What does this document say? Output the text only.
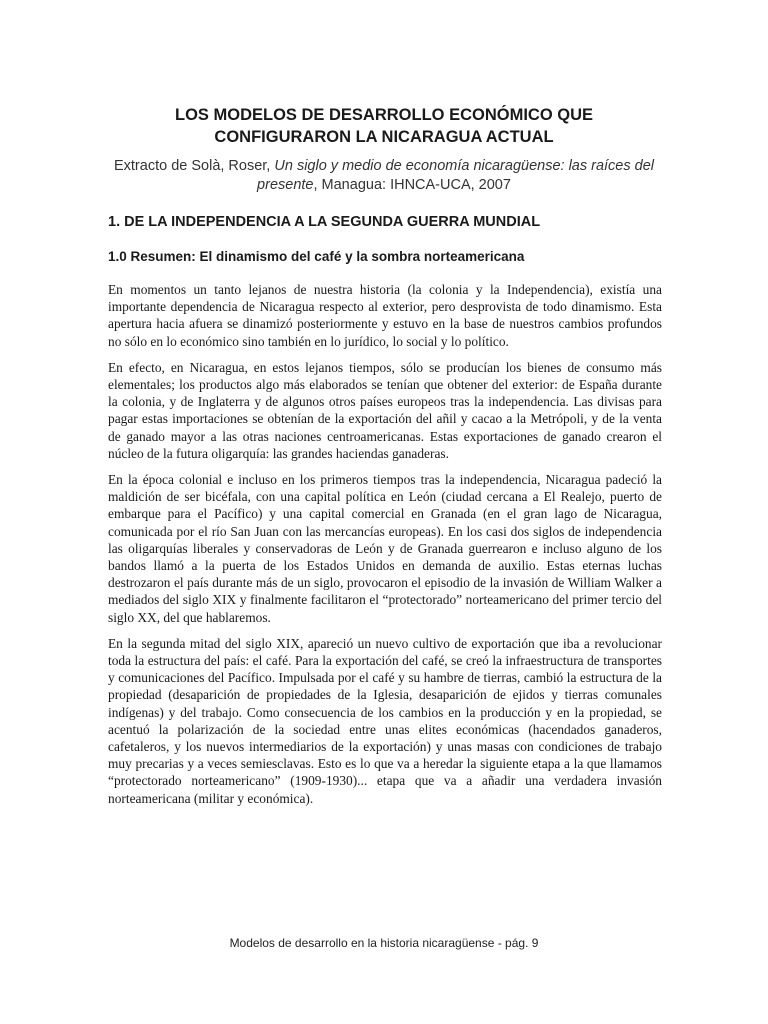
LOS MODELOS DE DESARROLLO ECONÓMICO QUE
CONFIGURARON LA NICARAGUA ACTUAL
Extracto de Solà, Roser, Un siglo y medio de economía nicaragüense: las raíces del presente, Managua: IHNCA-UCA, 2007
1. DE LA INDEPENDENCIA A LA SEGUNDA GUERRA MUNDIAL
1.0 Resumen: El dinamismo del café y la sombra norteamericana

En momentos un tanto lejanos de nuestra historia (la colonia y la Independencia), existía una importante dependencia de Nicaragua respecto al exterior, pero desprovista de todo dinamismo. Esta apertura hacia afuera se dinamizó posteriormente y estuvo en la base de nuestros cambios profundos no sólo en lo económico sino también en lo jurídico, lo social y lo político.

En efecto, en Nicaragua, en estos lejanos tiempos, sólo se producían los bienes de consumo más elementales; los productos algo más elaborados se tenían que obtener del exterior: de España durante la colonia, y de Inglaterra y de algunos otros países europeos tras la independencia. Las divisas para pagar estas importaciones se obtenían de la exportación del añil y cacao a la Metrópoli, y de la venta de ganado mayor a las otras naciones centroamericanas. Estas exportaciones de ganado crearon el núcleo de la futura oligarquía: las grandes haciendas ganaderas.

En la época colonial e incluso en los primeros tiempos tras la independencia, Nicaragua padeció la maldición de ser bicéfala, con una capital política en León (ciudad cercana a El Realejo, puerto de embarque para el Pacífico) y una capital comercial en Granada (en el gran lago de Nicaragua, comunicada por el río San Juan con las mercancías europeas). En los casi dos siglos de independencia las oligarquías liberales y conservadoras de León y de Granada guerrearon e incluso alguno de los bandos llamó a la puerta de los Estados Unidos en demanda de auxilio. Estas eternas luchas destrozaron el país durante más de un siglo, provocaron el episodio de la invasión de William Walker a mediados del siglo XIX y finalmente facilitaron el “protectorado” norteamericano del primer tercio del siglo XX, del que hablaremos.

En la segunda mitad del siglo XIX, apareció un nuevo cultivo de exportación que iba a revolucionar toda la estructura del país: el café. Para la exportación del café, se creó la infraestructura de transportes y comunicaciones del Pacífico. Impulsada por el café y su hambre de tierras, cambió la estructura de la propiedad (desaparición de propiedades de la Iglesia, desaparición de ejidos y tierras comunales indígenas) y del trabajo. Como consecuencia de los cambios en la producción y en la propiedad, se acentuó la polarización de la sociedad entre unas elites económicas (hacendados ganaderos, cafetaleros, y los nuevos intermediarios de la exportación) y unas masas con condiciones de trabajo muy precarias y a veces semiesclavas. Esto es lo que va a heredar la siguiente etapa a la que llamamos “protectorado norteamericano” (1909-1930)... etapa que va a añadir una verdadera invasión norteamericana (militar y económica).

Modelos de desarrollo en la historia nicaragüense - pág. 9
